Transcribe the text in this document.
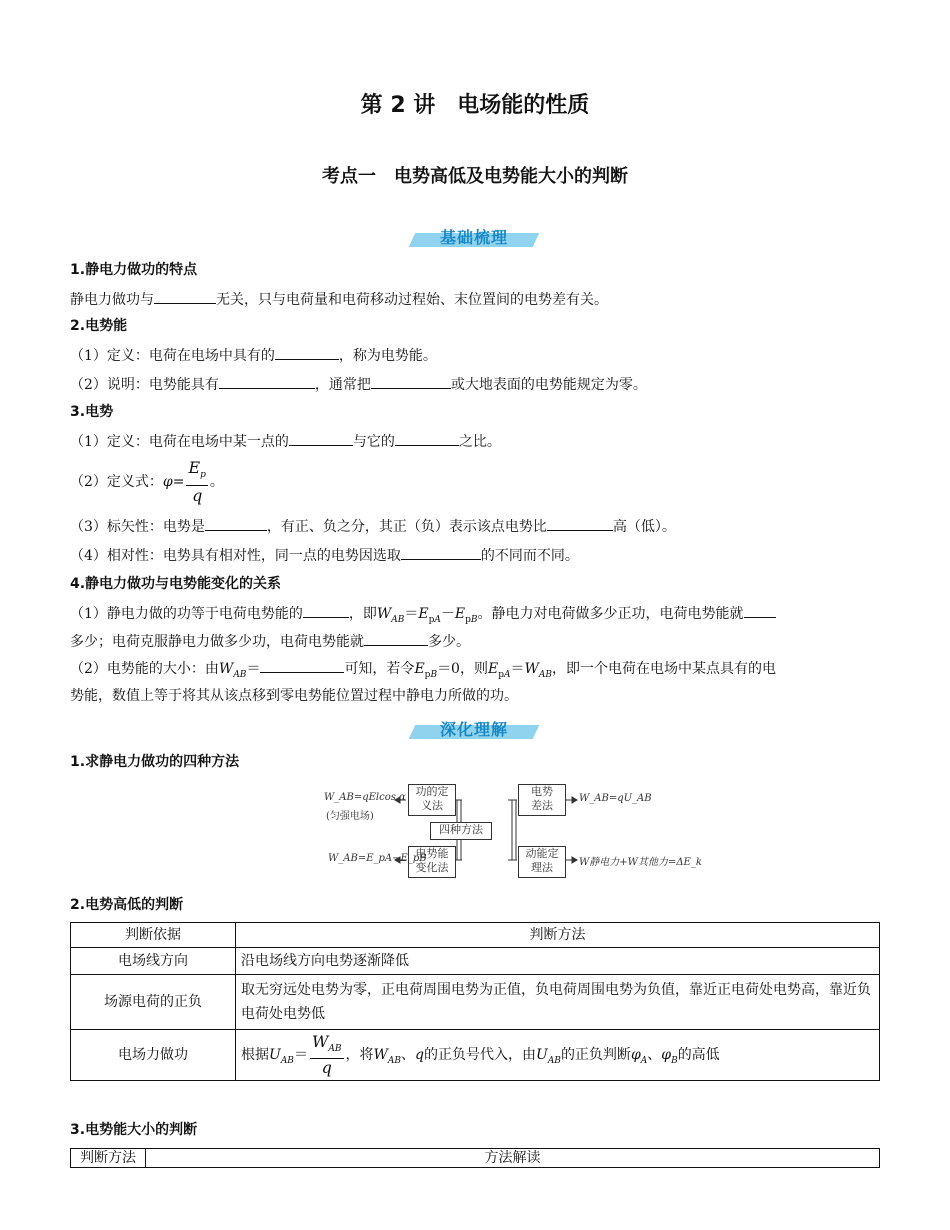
第 2 讲　电场能的性质
考点一　电势高低及电势能大小的判断
基础梳理
1.静电力做功的特点
静电力做功与	无关，只与电荷量和电荷移动过程始、末位置间的电势差有关。
2.电势能
（1）定义：电荷在电场中具有的	，称为电势能。
（2）说明：电势能具有	，通常把	或大地表面的电势能规定为零。
3.电势
（1）定义：电荷在电场中某一点的	与它的	之比。
（2）定义式：$\varphi= \frac{E_p}{q}$ 。
（3）标矢性：电势是	，有正、负之分，其正（负）表示该点电势比	高（低）。
（4）相对性：电势具有相对性，同一点的电势因选取	的不同而不同。
4.静电力做功与电势能变化的关系
（1）静电力做的功等于电荷电势能的	，即$W_{AB}=E_{pA}-E_{pB}$。静电力对电荷做多少正功，电荷电势能就
多少；电荷克服静电力做多少功，电荷电势能就	多少。
（2）电势能的大小：由$W_{AB}=$	可知，若令$E_{pB}=0$，则$E_{pA}=W_{AB}$，即一个电荷在电场中某点具有的电
势能，数值上等于将其从该点移到零电势能位置过程中静电力所做的功。
深化理解
1.求静电力做功的四种方法
功的定
义法
电势
差法
四种方法
电势能
变化法
动能定
理法
W_AB=qElcos α
(匀强电场)
W_AB=qU_AB
W_AB=E_pA−E_pB	W静电力+W其他力=ΔE_k
2.电势高低的判断
判断依据	判断方法
电场线方向	沿电场线方向电势逐渐降低
场源电荷的正负	取无穷远处电势为零，正电荷周围电势为正值，负电荷周围电势为负值，靠近正电荷处电势高，靠近负电荷处电势低
电场力做功	根据$U_{AB}= \frac{W_{AB}}{q}$ ，将$W_{AB}$、q的正负号代入，由$U_{AB}$的正负判断$\varphi_A$、$\varphi_B$的高低
3.电势能大小的判断
判断方法	方法解读
